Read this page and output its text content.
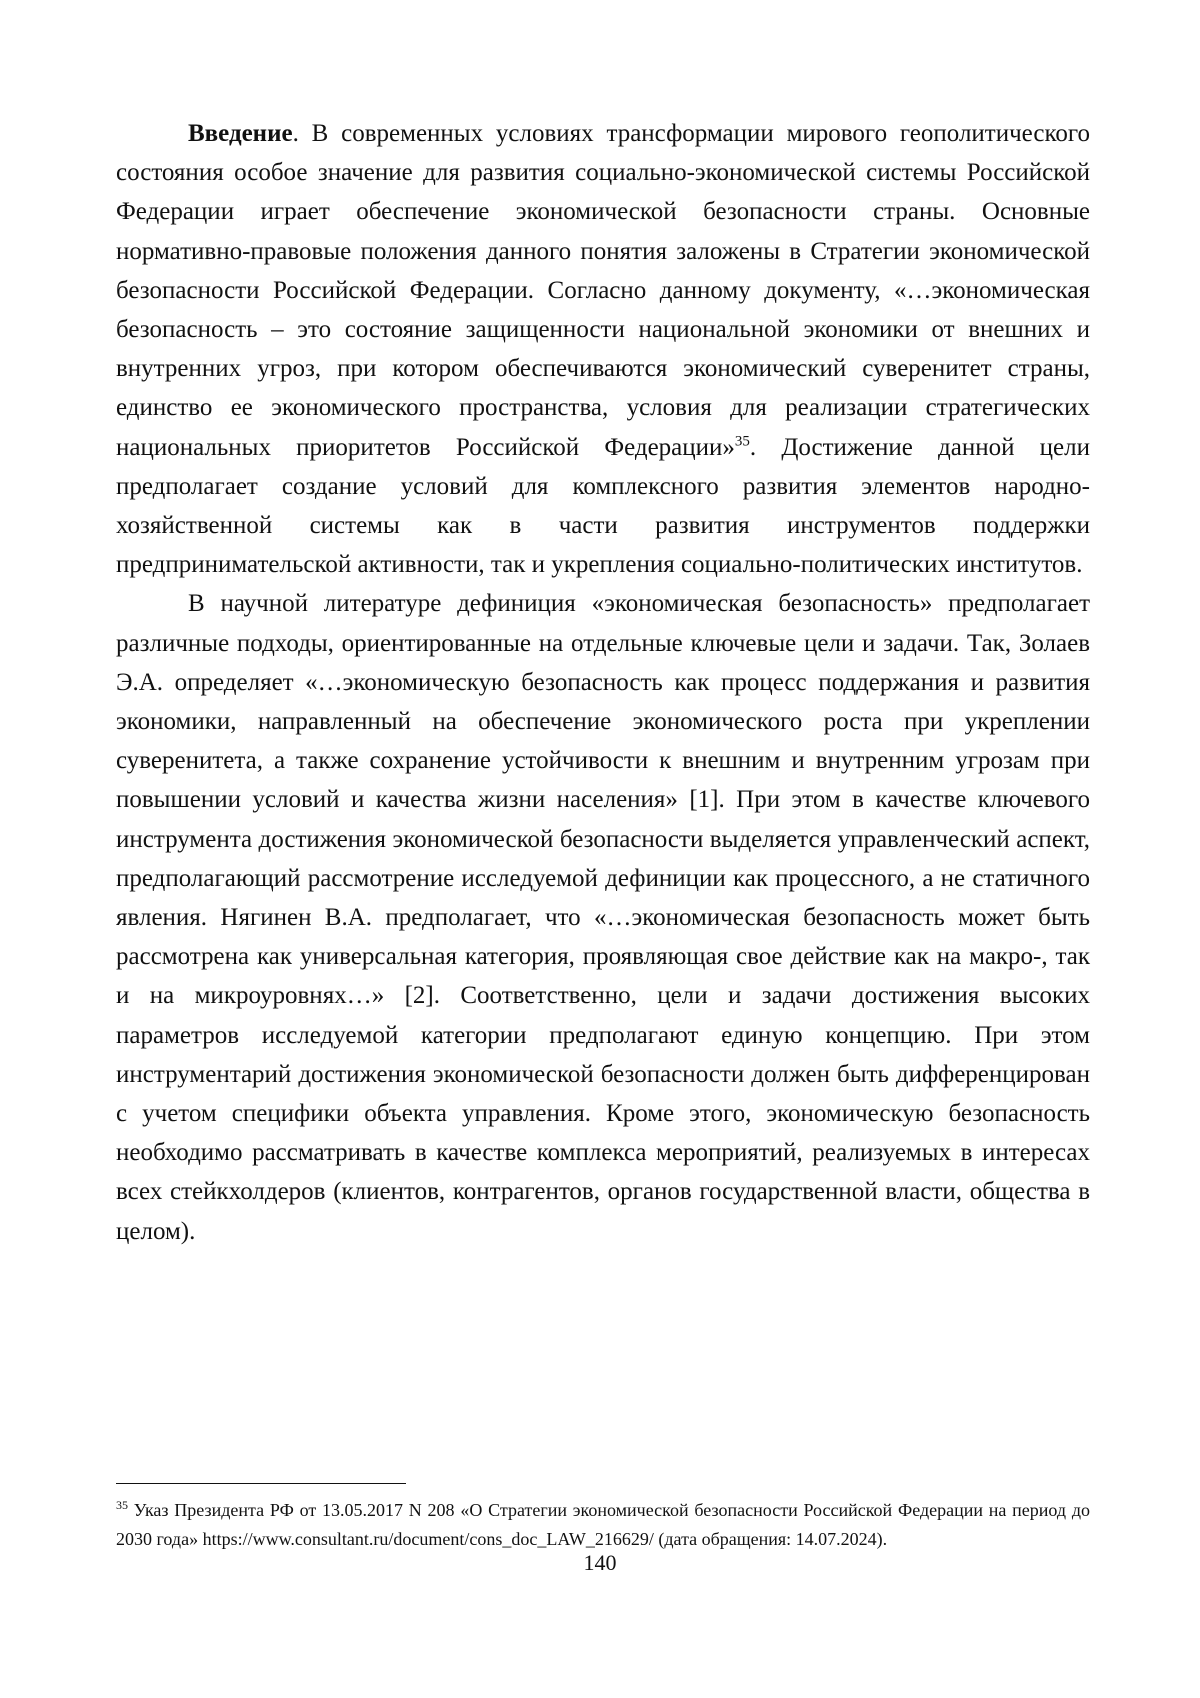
Введение. В современных условиях трансформации мирового геополитического состояния особое значение для развития социально-экономической системы Российской Федерации играет обеспечение экономической безопасности страны. Основные нормативно-правовые положения данного понятия заложены в Стратегии экономической безопасности Российской Федерации. Согласно данному документу, «…экономическая безопасность – это состояние защищенности национальной экономики от внешних и внутренних угроз, при котором обеспечиваются экономический суверенитет страны, единство ее экономического пространства, условия для реализации стратегических национальных приоритетов Российской Федерации»$^{35}$. Достижение данной цели предполагает создание условий для комплексного развития элементов народно-хозяйственной системы как в части развития инструментов поддержки предпринимательской активности, так и укрепления социально-политических институтов.

В научной литературе дефиниция «экономическая безопасность» предполагает различные подходы, ориентированные на отдельные ключевые цели и задачи. Так, Золаев Э.А. определяет «…экономическую безопасность как процесс поддержания и развития экономики, направленный на обеспечение экономического роста при укреплении суверенитета, а также сохранение устойчивости к внешним и внутренним угрозам при повышении условий и качества жизни населения» [1]. При этом в качестве ключевого инструмента достижения экономической безопасности выделяется управленческий аспект, предполагающий рассмотрение исследуемой дефиниции как процессного, а не статичного явления. Нягинен В.А. предполагает, что «…экономическая безопасность может быть рассмотрена как универсальная категория, проявляющая свое действие как на макро-, так и на микроуровнях…» [2]. Соответственно, цели и задачи достижения высоких параметров исследуемой категории предполагают единую концепцию. При этом инструментарий достижения экономической безопасности должен быть дифференцирован с учетом специфики объекта управления. Кроме этого, экономическую безопасность необходимо рассматривать в качестве комплекса мероприятий, реализуемых в интересах всех стейкхолдеров (клиентов, контрагентов, органов государственной власти, общества в целом).

$^{35}$ Указ Президента РФ от 13.05.2017 N 208 «О Стратегии экономической безопасности Российской Федерации на период до 2030 года» https://www.consultant.ru/document/cons_doc_LAW_216629/ (дата обращения: 14.07.2024).

140
